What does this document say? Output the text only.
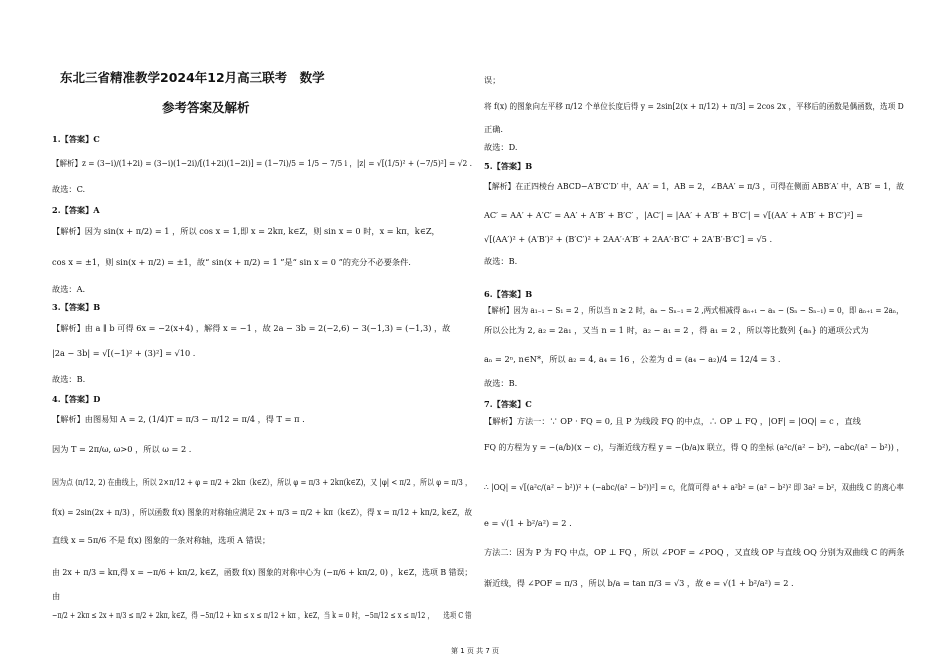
东北三省精准教学2024年12月高三联考　数学
参考答案及解析
1.【答案】C
【解析】z = (3−i)/(1+2i) = (3−i)(1−2i)/[(1+2i)(1−2i)] = (1−7i)/5 = 1/5 − 7/5 i ，|z| = √[(1/5)² + (−7/5)²] = √2 .
故选：C.
2.【答案】A
【解析】因为 sin(x + π/2) = 1 ，所以 cos x = 1,即 x = 2kπ, k∈Z，则 sin x = 0 时，x = kπ，k∈Z，
cos x = ±1，则 sin(x + π/2) = ±1，故“ sin(x + π/2) = 1 ”是“ sin x = 0 ”的充分不必要条件.
故选：A.
3.【答案】B
【解析】由 a ∥ b 可得 6x = −2(x+4) ，解得 x = −1 ，故 2a − 3b = 2(−2,6) − 3(−1,3) = (−1,3) ，故
|2a − 3b| = √[(−1)² + (3)²] = √10 .
故选：B.
4.【答案】D
【解析】由图易知 A = 2, (1/4)T = π/3 − π/12 = π/4 ，得 T = π .
因为 T = 2π/ω, ω>0 ，所以 ω = 2 .
因为点 (π/12, 2) 在曲线上，所以 2×π/12 + φ = π/2 + 2kπ（k∈Z），所以 φ = π/3 + 2kπ(k∈Z)，又 |φ| < π/2 ，所以 φ = π/3 ，
f(x) = 2sin(2x + π/3) ，所以函数 f(x) 图象的对称轴应满足 2x + π/3 = π/2 + kπ（k∈Z），得 x = π/12 + kπ/2, k∈Z，故
直线 x = 5π/6 不是 f(x) 图象的一条对称轴，选项 A 错误；
由 2x + π/3 = kπ,得 x = −π/6 + kπ/2, k∈Z，函数 f(x) 图象的对称中心为 (−π/6 + kπ/2, 0) ，k∈Z，选项 B 错误；
由
−π/2 + 2kπ ≤ 2x + π/3 ≤ π/2 + 2kπ, k∈Z，得 −5π/12 + kπ ≤ x ≤ π/12 + kπ ，k∈Z，当 k = 0 时，−5π/12 ≤ x ≤ π/12 ，　　选项 C 错
误；
将 f(x) 的图象向左平移 π/12 个单位长度后得 y = 2sin[2(x + π/12) + π/3] = 2cos 2x ，平移后的函数是偶函数，选项 D
正确.
故选：D.
5.【答案】B
【解析】在正四棱台 ABCD−A′B′C′D′ 中，AA′ = 1，AB = 2，∠BAA′ = π/3 ，可得在侧面 ABB′A′ 中，A′B′ = 1，故
AC′ = AA′ + A′C′ = AA′ + A′B′ + B′C′ ，|AC′| = |AA′ + A′B′ + B′C′| = √[(AA′ + A′B′ + B′C′)²] =
√[(AA′)² + (A′B′)² + (B′C′)² + 2AA′·A′B′ + 2AA′·B′C′ + 2A′B′·B′C′] = √5 .
故选：B.
6.【答案】B
【解析】因为 a₁₋₁ − S₁ = 2 ，所以当 n ≥ 2 时，aₙ − Sₙ₋₁ = 2 ,两式相减得 aₙ₊₁ − aₙ − (Sₙ − Sₙ₋₁) = 0，即 aₙ₊₁ = 2aₙ，
所以公比为 2, a₂ = 2a₁ ，又当 n = 1 时，a₂ − a₁ = 2 ，得 a₁ = 2 ，所以等比数列 {aₙ} 的通项公式为
aₙ = 2ⁿ, n∈N*，所以 a₂ = 4, a₄ = 16 ，公差为 d = (a₄ − a₂)/4 = 12/4 = 3 .
故选：B.
7.【答案】C
【解析】方法一：∵ OP · FQ = 0, 且 P 为线段 FQ 的中点，∴ OP ⊥ FQ ，|OF| = |OQ| = c ，直线
FQ 的方程为 y = −(a/b)(x − c)，与渐近线方程 y = −(b/a)x 联立，得 Q 的坐标 (a²c/(a² − b²), −abc/(a² − b²)) ，
∴ |OQ| = √[(a²c/(a² − b²))² + (−abc/(a² − b²))²] = c，化简可得 a⁴ + a²b² = (a² − b²)² 即 3a² = b²，双曲线 C 的离心率
e = √(1 + b²/a²) = 2 .
方法二：因为 P 为 FQ 中点，OP ⊥ FQ ，所以 ∠POF = ∠POQ ，又直线 OP 与直线 OQ 分别为双曲线 C 的两条
渐近线，得 ∠POF = π/3 ，所以 b/a = tan π/3 = √3 ，故 e = √(1 + b²/a²) = 2 .
第 1 页 共 7 页
